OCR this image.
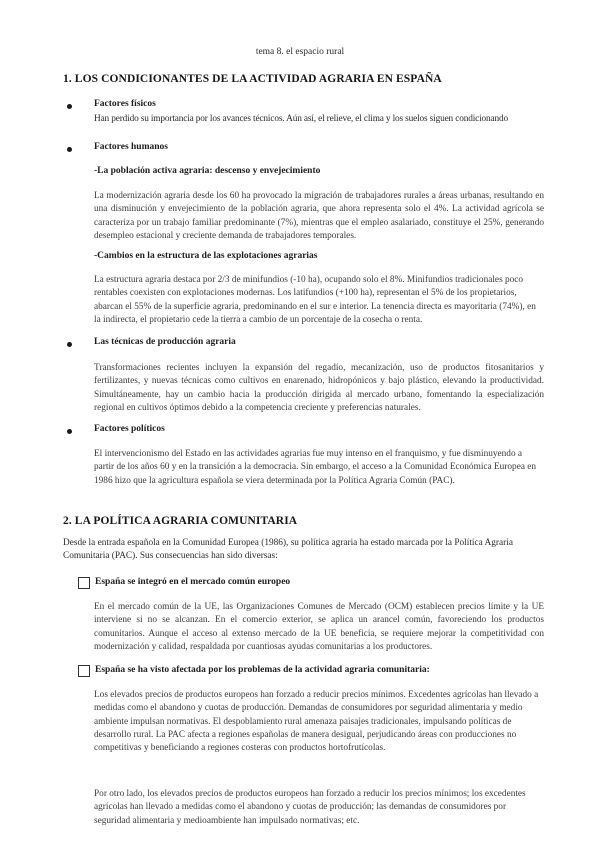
tema 8. el espacio rural
1. LOS CONDICIONANTES DE LA ACTIVIDAD AGRARIA EN ESPAÑA
Factores físicos

Han perdido su importancia por los avances técnicos. Aún así, el relieve, el clima y los suelos siguen condicionando

Factores humanos
-La población activa agraria: descenso y envejecimiento

La modernización agraria desde los 60 ha provocado la migración de trabajadores rurales a áreas urbanas, resultando en una disminución y envejecimiento de la población agraria, que ahora representa solo el 4%. La actividad agrícola se caracteriza por un trabajo familiar predominante (7%), mientras que el empleo asalariado, constituye el 25%, generando desempleo estacional y creciente demanda de trabajadores temporales.

-Cambios en la estructura de las explotaciones agrarias

La estructura agraria destaca por 2/3 de minifundios (-10 ha), ocupando solo el 8%. Minifundios tradicionales poco rentables coexisten con explotaciones modernas. Los latifundios (+100 ha), representan el 5% de los propietarios, abarcan el 55% de la superficie agraria, predominando en el sur e interior. La tenencia directa es mayoritaria (74%), en la indirecta, el propietario cede la tierra a cambio de un porcentaje de la cosecha o renta.

Las técnicas de producción agraria

Transformaciones recientes incluyen la expansión del regadío, mecanización, uso de productos fitosanitarios y fertilizantes, y nuevas técnicas como cultivos en enarenado, hidropónicos y bajo plástico, elevando la productividad. Simultáneamente, hay un cambio hacia la producción dirigida al mercado urbano, fomentando la especialización regional en cultivos óptimos debido a la competencia creciente y preferencias naturales.

Factores políticos

El intervencionismo del Estado en las actividades agrarias fue muy intenso en el franquismo, y fue disminuyendo a partir de los años 60 y en la transición a la democracia. Sin embargo, el acceso a la Comunidad Económica Europea en 1986 hizo que la agricultura española se viera determinada por la Política Agraria Común (PAC).

2. LA POLÍTICA AGRARIA COMUNITARIA

Desde la entrada española en la Comunidad Europea (1986), su política agraria ha estado marcada por la Política Agraria Comunitaria (PAC). Sus consecuencias han sido diversas:

España se integró en el mercado común europeo

En el mercado común de la UE, las Organizaciones Comunes de Mercado (OCM) establecen precios límite y la UE interviene si no se alcanzan. En el comercio exterior, se aplica un arancel común, favoreciendo los productos comunitarios. Aunque el acceso al extenso mercado de la UE beneficia, se requiere mejorar la competitividad con modernización y calidad, respaldada por cuantiosas ayudas comunitarias a los productores.

España se ha visto afectada por los problemas de la actividad agraria comunitaria:

Los elevados precios de productos europeos han forzado a reducir precios mínimos. Excedentes agrícolas han llevado a medidas como el abandono y cuotas de producción. Demandas de consumidores por seguridad alimentaria y medio ambiente impulsan normativas. El despoblamiento rural amenaza paisajes tradicionales, impulsando políticas de desarrollo rural. La PAC afecta a regiones españolas de manera desigual, perjudicando áreas con producciones no competitivas y beneficiando a regiones costeras con productos hortofrutícolas.

Por otro lado, los elevados precios de productos europeos han forzado a reducir los precios mínimos; los excedentes agrícolas han llevado a medidas como el abandono y cuotas de producción; las demandas de consumidores por seguridad alimentaria y medioambiente han impulsado normativas; etc.
